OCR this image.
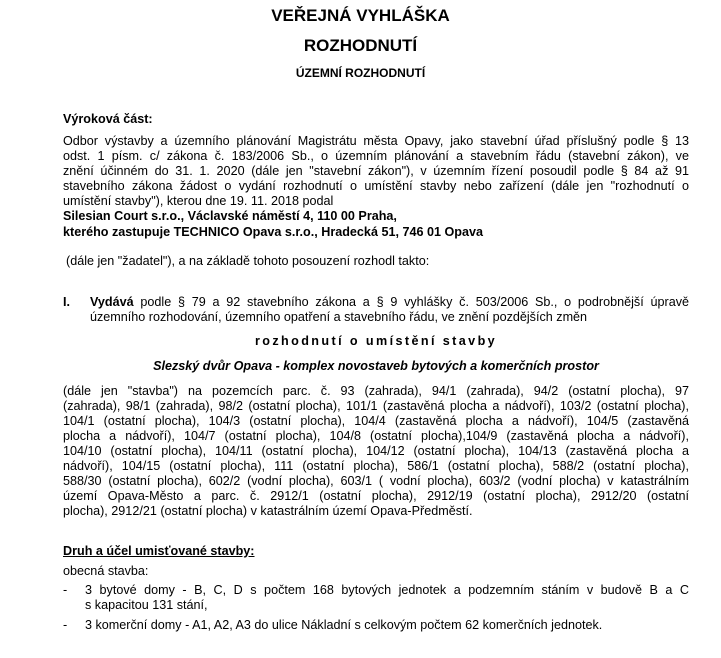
VEŘEJNÁ VYHLÁŠKA
ROZHODNUTÍ
ÚZEMNÍ ROZHODNUTÍ
Výroková část:
Odbor výstavby a územního plánování Magistrátu města Opavy, jako stavební úřad příslušný podle § 13
odst. 1 písm. c/ zákona č. 183/2006 Sb., o územním plánování a stavebním řádu (stavební zákon), ve
znění účinném do 31. 1. 2020 (dále jen "stavební zákon"), v územním řízení posoudil podle § 84 až 91
stavebního zákona žádost o vydání rozhodnutí o umístění stavby nebo zařízení (dále jen "rozhodnutí o
umístění stavby"), kterou dne 19. 11. 2018 podal
Silesian Court s.r.o., Václavské náměstí 4, 110 00 Praha,
kterého zastupuje TECHNICO Opava s.r.o., Hradecká 51, 746 01 Opava
(dále jen "žadatel"), a na základě tohoto posouzení rozhodl takto:
I. Vydává podle § 79 a 92 stavebního zákona a § 9 vyhlášky č. 503/2006 Sb., o podrobnější úpravě
územního rozhodování, územního opatření a stavebního řádu, ve znění pozdějších změn
rozhodnutí o umístění stavby
Slezský dvůr Opava - komplex novostaveb bytových a komerčních prostor
(dále jen "stavba") na pozemcích parc. č. 93 (zahrada), 94/1 (zahrada), 94/2 (ostatní plocha), 97
(zahrada), 98/1 (zahrada), 98/2 (ostatní plocha), 101/1 (zastavěná plocha a nádvoří), 103/2 (ostatní plocha),
104/1 (ostatní plocha), 104/3 (ostatní plocha), 104/4 (zastavěná plocha a nádvoří), 104/5 (zastavěná
plocha a nádvoří), 104/7 (ostatní plocha), 104/8 (ostatní plocha),104/9 (zastavěná plocha a nádvoří),
104/10 (ostatní plocha), 104/11 (ostatní plocha), 104/12 (ostatní plocha), 104/13 (zastavěná plocha a
nádvoří), 104/15 (ostatní plocha), 111 (ostatní plocha), 586/1 (ostatní plocha), 588/2 (ostatní plocha),
588/30 (ostatní plocha), 602/2 (vodní plocha), 603/1 ( vodní plocha), 603/2 (vodní plocha) v katastrálním
území Opava-Město a parc. č. 2912/1 (ostatní plocha), 2912/19 (ostatní plocha), 2912/20 (ostatní
plocha), 2912/21 (ostatní plocha) v katastrálním území Opava-Předměstí.
Druh a účel umisťované stavby:
obecná stavba:
- 3 bytové domy - B, C, D s počtem 168 bytových jednotek a podzemním stáním v budově B a C
s kapacitou 131 stání,
- 3 komerční domy - A1, A2, A3 do ulice Nákladní s celkovým počtem 62 komerčních jednotek.
